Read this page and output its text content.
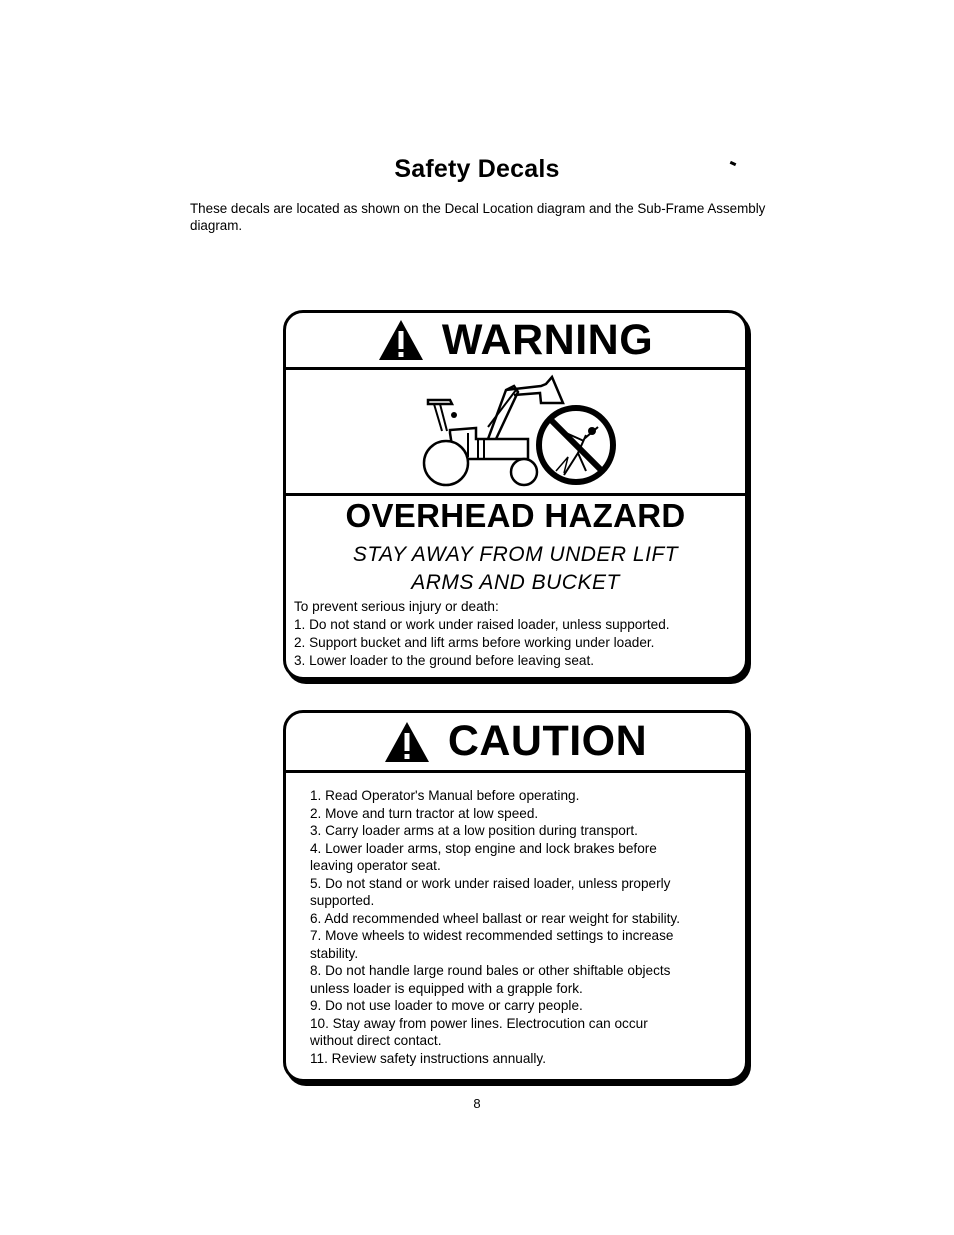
Safety Decals
These decals are located as shown on the Decal Location diagram and the Sub-Frame Assembly diagram.
WARNING
OVERHEAD HAZARD
STAY AWAY FROM UNDER LIFT
ARMS AND BUCKET
To prevent serious injury or death:
1. Do not stand or work under raised loader, unless supported.
2. Support bucket and lift arms before working under loader.
3. Lower loader to the ground before leaving seat.
CAUTION
1. Read Operator's Manual before operating.
2. Move and turn tractor at low speed.
3. Carry loader arms at a low position during transport.
4. Lower loader arms, stop engine and lock brakes before
leaving operator seat.
5. Do not stand or work under raised loader, unless properly
supported.
6. Add recommended wheel ballast or rear weight for stability.
7. Move wheels to widest recommended settings to increase
stability.
8. Do not handle large round bales or other shiftable objects
unless loader is equipped with a grapple fork.
9. Do not use loader to move or carry people.
10. Stay away from power lines. Electrocution can occur
without direct contact.
11. Review safety instructions annually.
8
